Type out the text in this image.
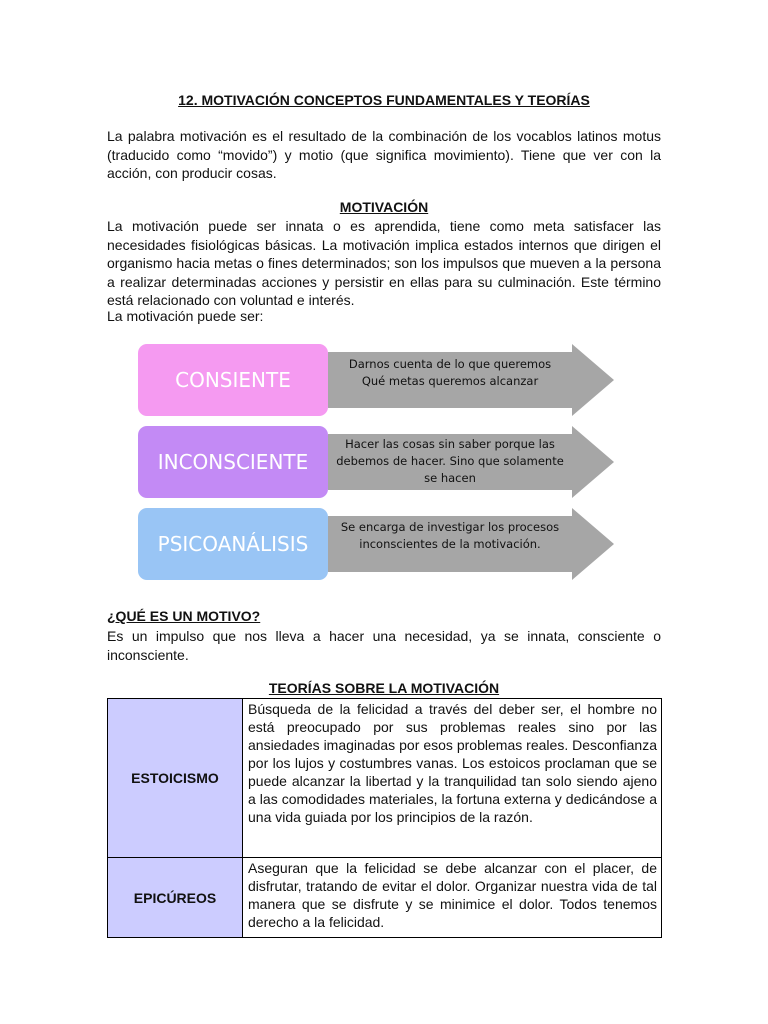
12. MOTIVACIÓN CONCEPTOS FUNDAMENTALES Y TEORÍAS

La palabra motivación es el resultado de la combinación de los vocablos latinos motus (traducido como “movido”) y motio (que significa movimiento). Tiene que ver con la acción, con producir cosas.

MOTIVACIÓN

La motivación puede ser innata o es aprendida, tiene como meta satisfacer las necesidades fisiológicas básicas. La motivación implica estados internos que dirigen el organismo hacia metas o fines determinados; son los impulsos que mueven a la persona a realizar determinadas acciones y persistir en ellas para su culminación. Este término está relacionado con voluntad e interés.

La motivación puede ser:

¿QUÉ ES UN MOTIVO?

Es un impulso que nos lleva a hacer una necesidad, ya se innata, consciente o inconsciente.

TEORÍAS SOBRE LA MOTIVACIÓN

CONSIENTE
Darnos cuenta de lo que queremos
Qué metas queremos alcanzar
INCONSCIENTE
Hacer las cosas sin saber porque las
debemos de hacer. Sino que solamente
se hacen
PSICOANÁLISIS
Se encarga de investigar los procesos
inconscientes de la motivación.
ESTOICISMO	Búsqueda de la felicidad a través del deber ser, el hombre no está preocupado por sus problemas reales sino por las ansiedades imaginadas por esos problemas reales. Desconfianza por los lujos y costumbres vanas. Los estoicos proclaman que se puede alcanzar la libertad y la tranquilidad tan solo siendo ajeno a las comodidades materiales, la fortuna externa y dedicándose a una vida guiada por los principios de la razón.
EPICÚREOS	Aseguran que la felicidad se debe alcanzar con el placer, de disfrutar, tratando de evitar el dolor. Organizar nuestra vida de tal manera que se disfrute y se minimice el dolor. Todos tenemos derecho a la felicidad.
